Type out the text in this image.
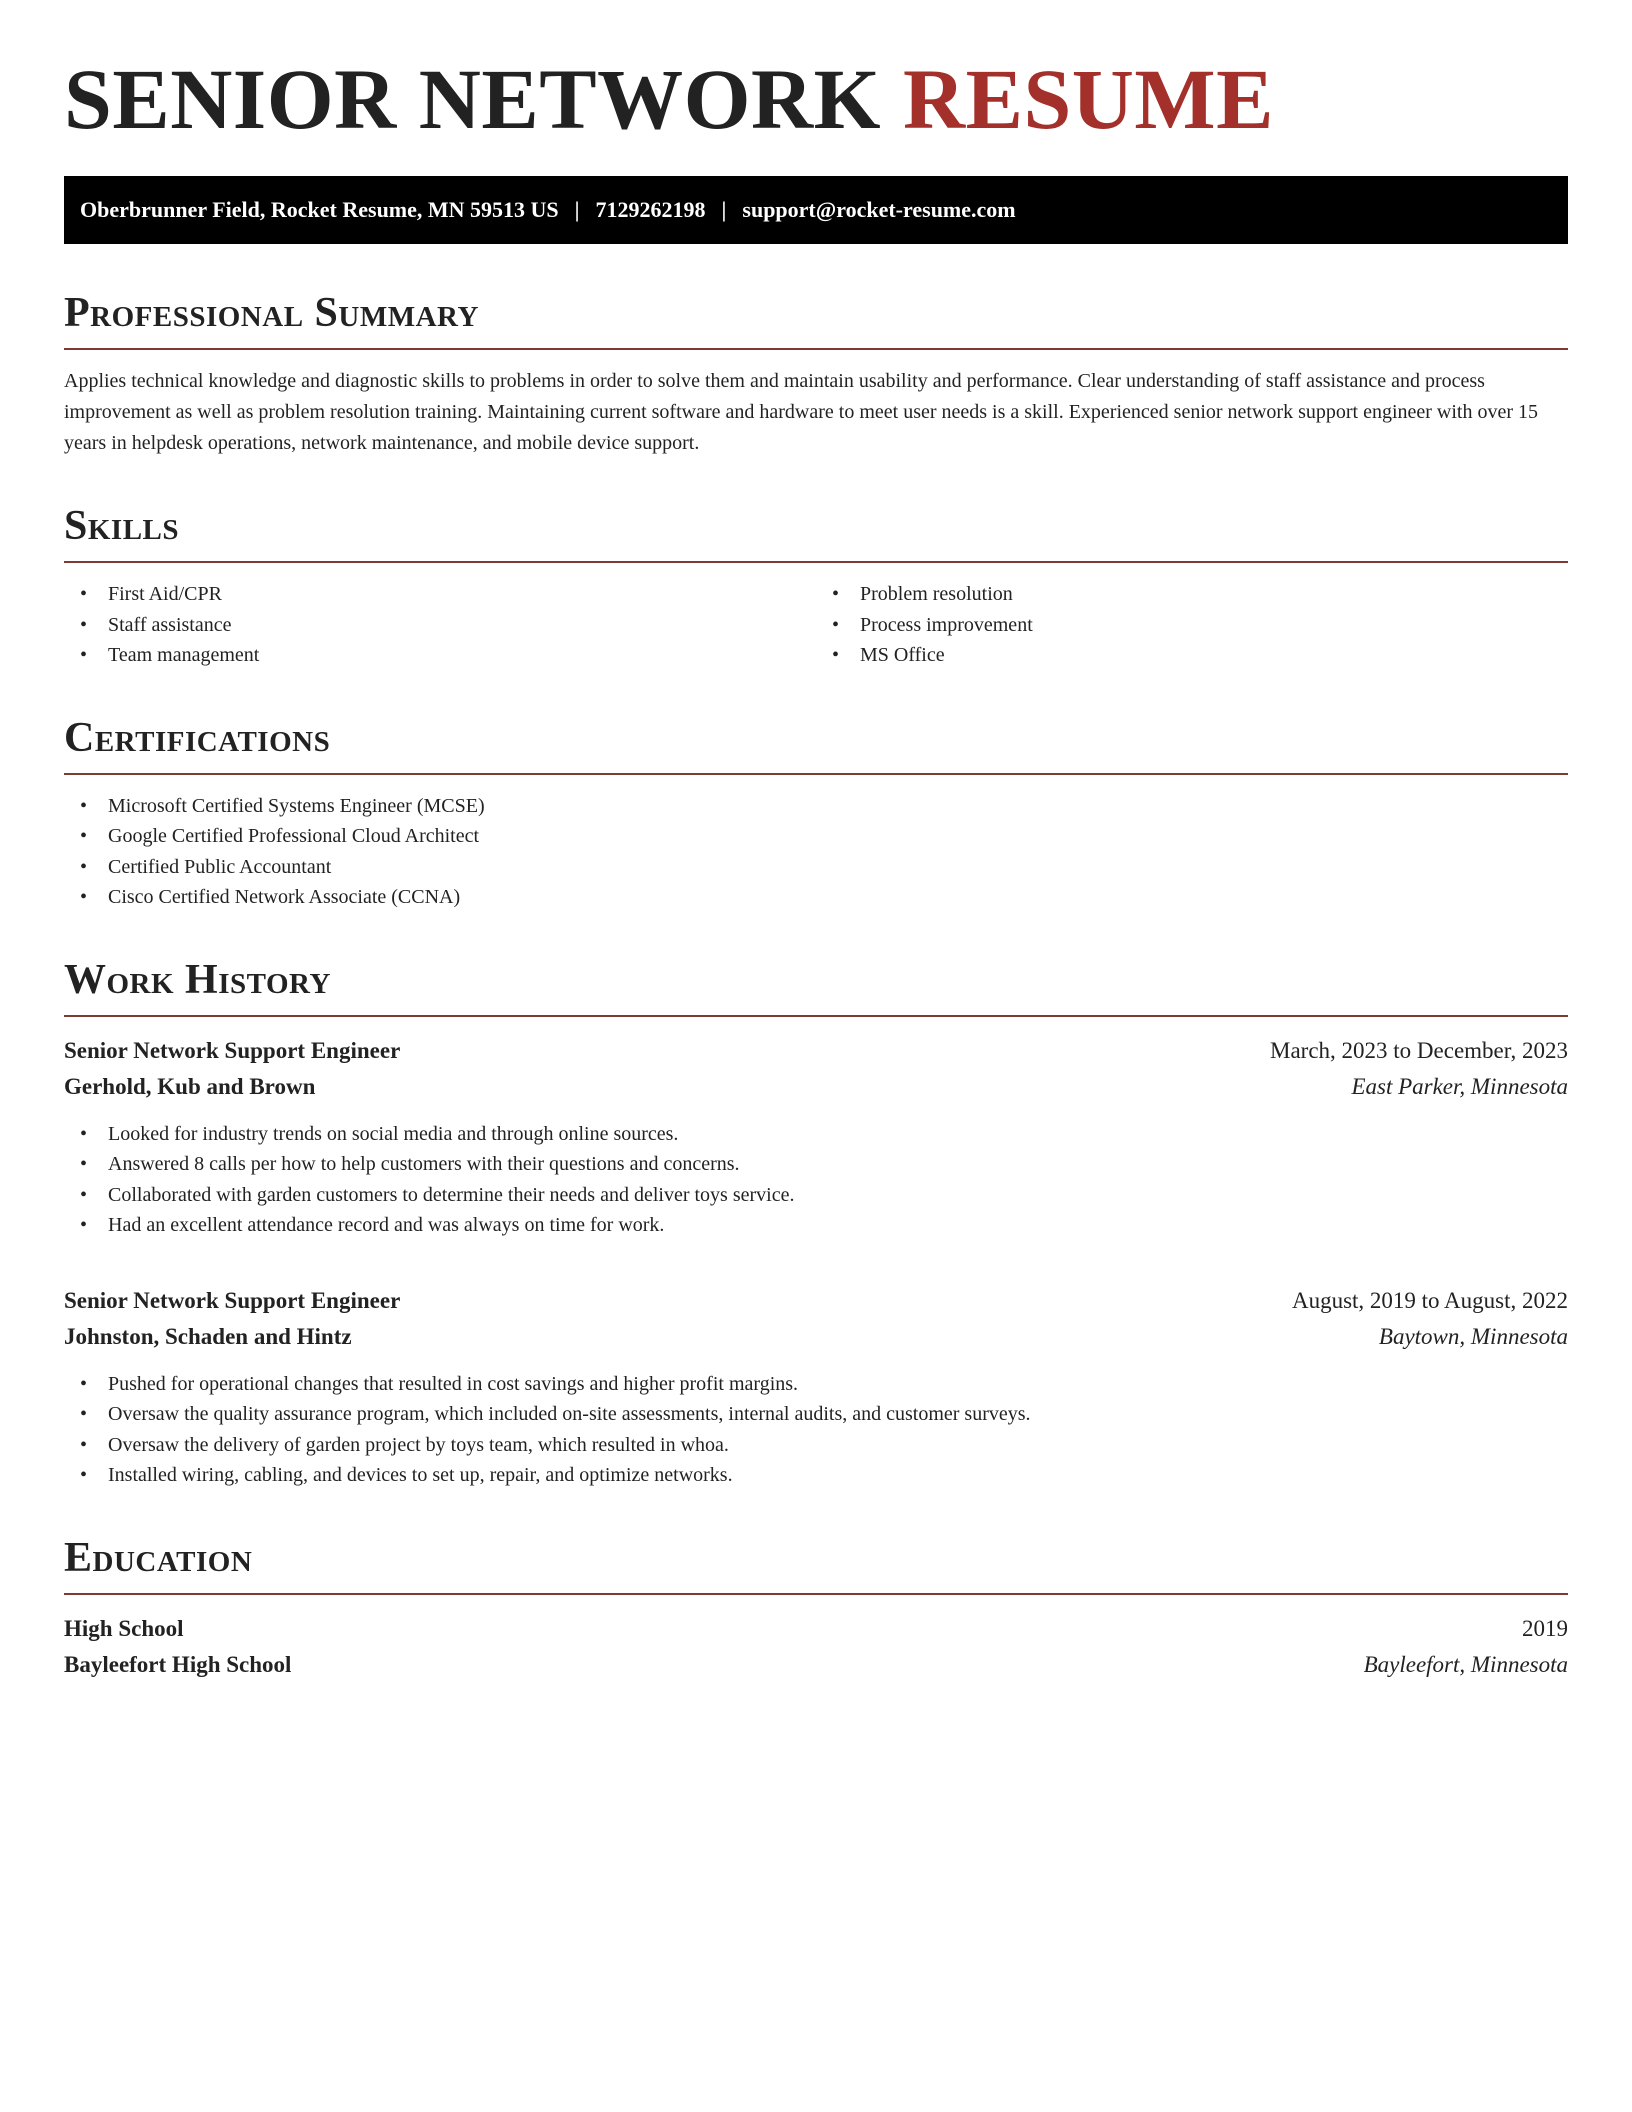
SENIOR NETWORK RESUME
Oberbrunner Field, Rocket Resume, MN 59513 US | 7129262198 | support@rocket-resume.com
Professional Summary

Applies technical knowledge and diagnostic skills to problems in order to solve them and maintain usability and performance. Clear understanding of staff assistance and process improvement as well as problem resolution training. Maintaining current software and hardware to meet user needs is a skill. Experienced senior network support engineer with over 15 years in helpdesk operations, network maintenance, and mobile device support.

Skills
• First Aid/CPR
• Staff assistance
• Team management
• Problem resolution
• Process improvement
• MS Office
Certifications
• Microsoft Certified Systems Engineer (MCSE)
• Google Certified Professional Cloud Architect
• Certified Public Accountant
• Cisco Certified Network Associate (CCNA)
Work History
Senior Network Support Engineer	March, 2023 to December, 2023
Gerhold, Kub and Brown	East Parker, Minnesota
• Looked for industry trends on social media and through online sources.
• Answered 8 calls per how to help customers with their questions and concerns.
• Collaborated with garden customers to determine their needs and deliver toys service.
• Had an excellent attendance record and was always on time for work.
Senior Network Support Engineer	August, 2019 to August, 2022
Johnston, Schaden and Hintz	Baytown, Minnesota
• Pushed for operational changes that resulted in cost savings and higher profit margins.
• Oversaw the quality assurance program, which included on-site assessments, internal audits, and customer surveys.
• Oversaw the delivery of garden project by toys team, which resulted in whoa.
• Installed wiring, cabling, and devices to set up, repair, and optimize networks.
Education
High School	2019
Bayleefort High School	Bayleefort, Minnesota
